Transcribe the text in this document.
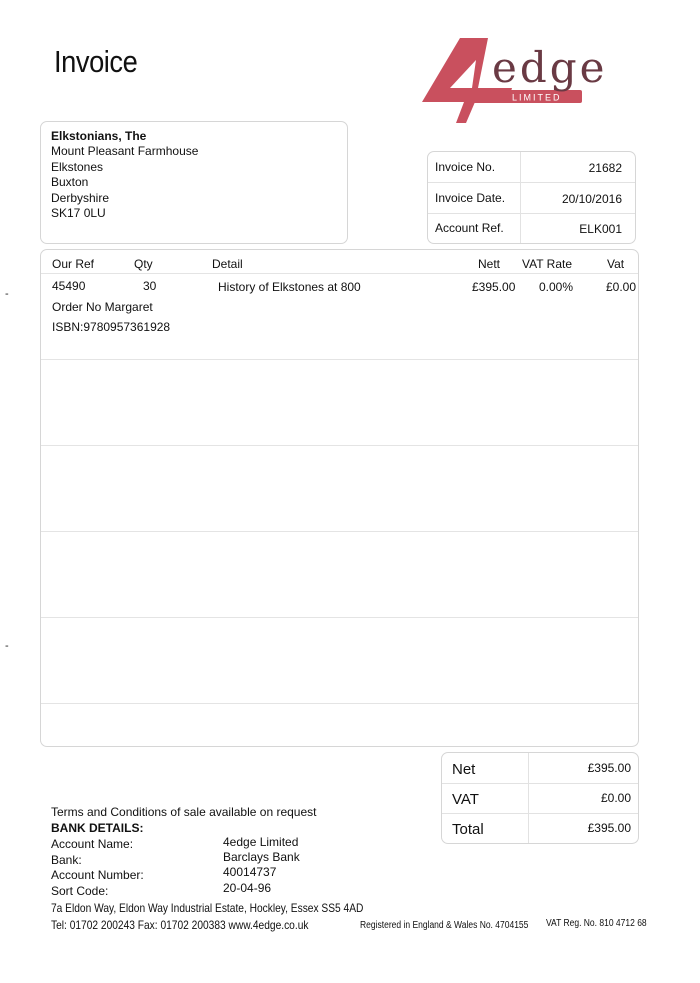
Invoice	edge
LIMITED
Elkstonians, The
Mount Pleasant Farmhouse
Elkstones
Buxton
Derbyshire
SK17 0LU
Invoice No.	21682
Invoice Date.	20/10/2016
Account Ref.	ELK001
Our Ref	Qty	Detail	Nett VAT Rate	Vat
45490	30	History of Elkstones at 800	£395.00 0.00%	£0.00
Order No Margaret
ISBN:9780957361928
-
-
Net	£395.00
VAT	£0.00
Total	£395.00
Terms and Conditions of sale available on request
BANK DETAILS:
Account Name:	4edge Limited
Bank:	Barclays Bank
Account Number:	40014737
Sort Code:	20-04-96
7a Eldon Way, Eldon Way Industrial Estate, Hockley, Essex SS5 4AD
Tel: 01702 200243 Fax: 01702 200383 www.4edge.co.uk	Registered in England & Wales No. 4704155 VAT Reg. No. 810 4712 68
